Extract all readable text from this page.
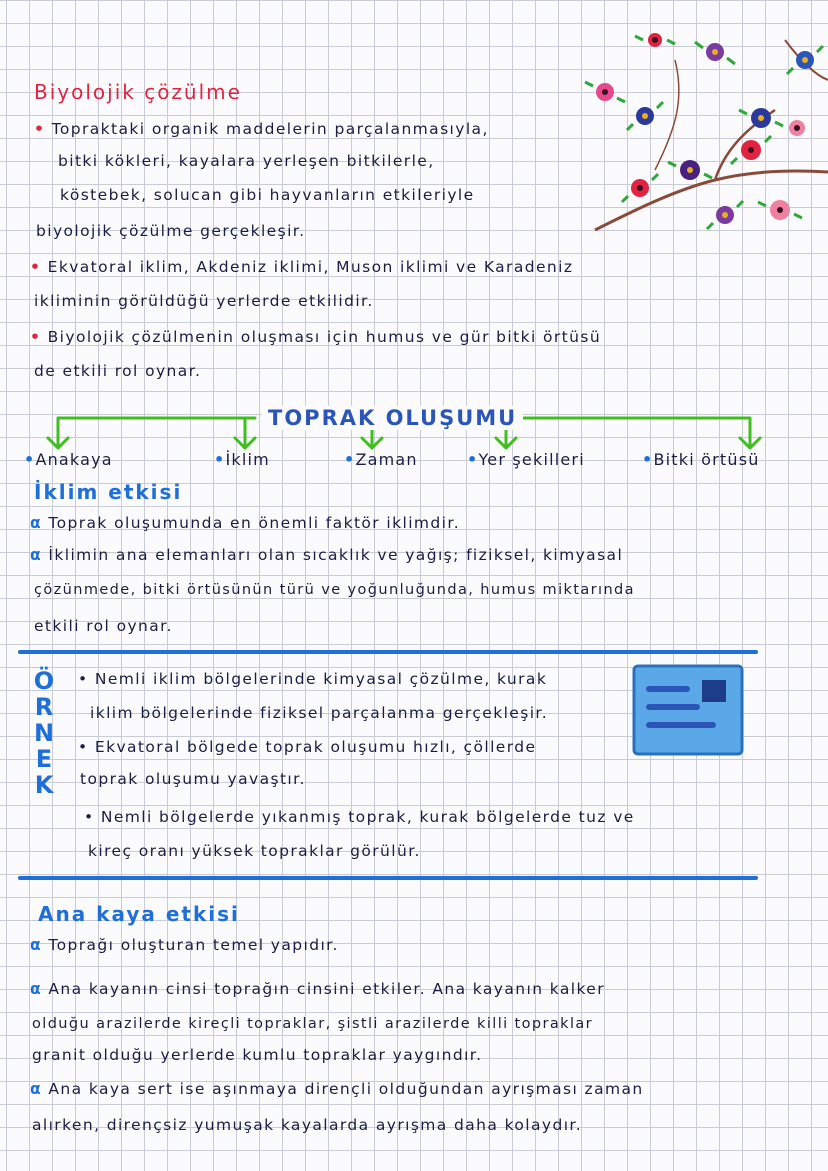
Biyolojik çözülme
• Topraktaki organik maddelerin parçalanmasıyla,
bitki kökleri, kayalara yerleşen bitkilerle,
köstebek, solucan gibi hayvanların etkileriyle
biyolojik çözülme gerçekleşir.
• Ekvatoral iklim, Akdeniz iklimi, Muson iklimi ve Karadeniz
ikliminin görüldüğü yerlerde etkilidir.
• Biyolojik çözülmenin oluşması için humus ve gür bitki örtüsü
de etkili rol oynar.
TOPRAK OLUŞUMU
•Anakaya	•İklim	•Zaman	•Yer şekilleri	•Bitki örtüsü
İklim etkisi
α Toprak oluşumunda en önemli faktör iklimdir.
α İklimin ana elemanları olan sıcaklık ve yağış; fiziksel, kimyasal
çözünmede, bitki örtüsünün türü ve yoğunluğunda, humus miktarında
etkili rol oynar.
Ö
R
N
E
K
• Nemli iklim bölgelerinde kimyasal çözülme, kurak
iklim bölgelerinde fiziksel parçalanma gerçekleşir.
• Ekvatoral bölgede toprak oluşumu hızlı, çöllerde
toprak oluşumu yavaştır.
• Nemli bölgelerde yıkanmış toprak, kurak bölgelerde tuz ve
kireç oranı yüksek topraklar görülür.
Ana kaya etkisi
α Toprağı oluşturan temel yapıdır.
α Ana kayanın cinsi toprağın cinsini etkiler. Ana kayanın kalker
olduğu arazilerde kireçli topraklar, şistli arazilerde killi topraklar
granit olduğu yerlerde kumlu topraklar yaygındır.
α Ana kaya sert ise aşınmaya dirençli olduğundan ayrışması zaman
alırken, dirençsiz yumuşak kayalarda ayrışma daha kolaydır.
